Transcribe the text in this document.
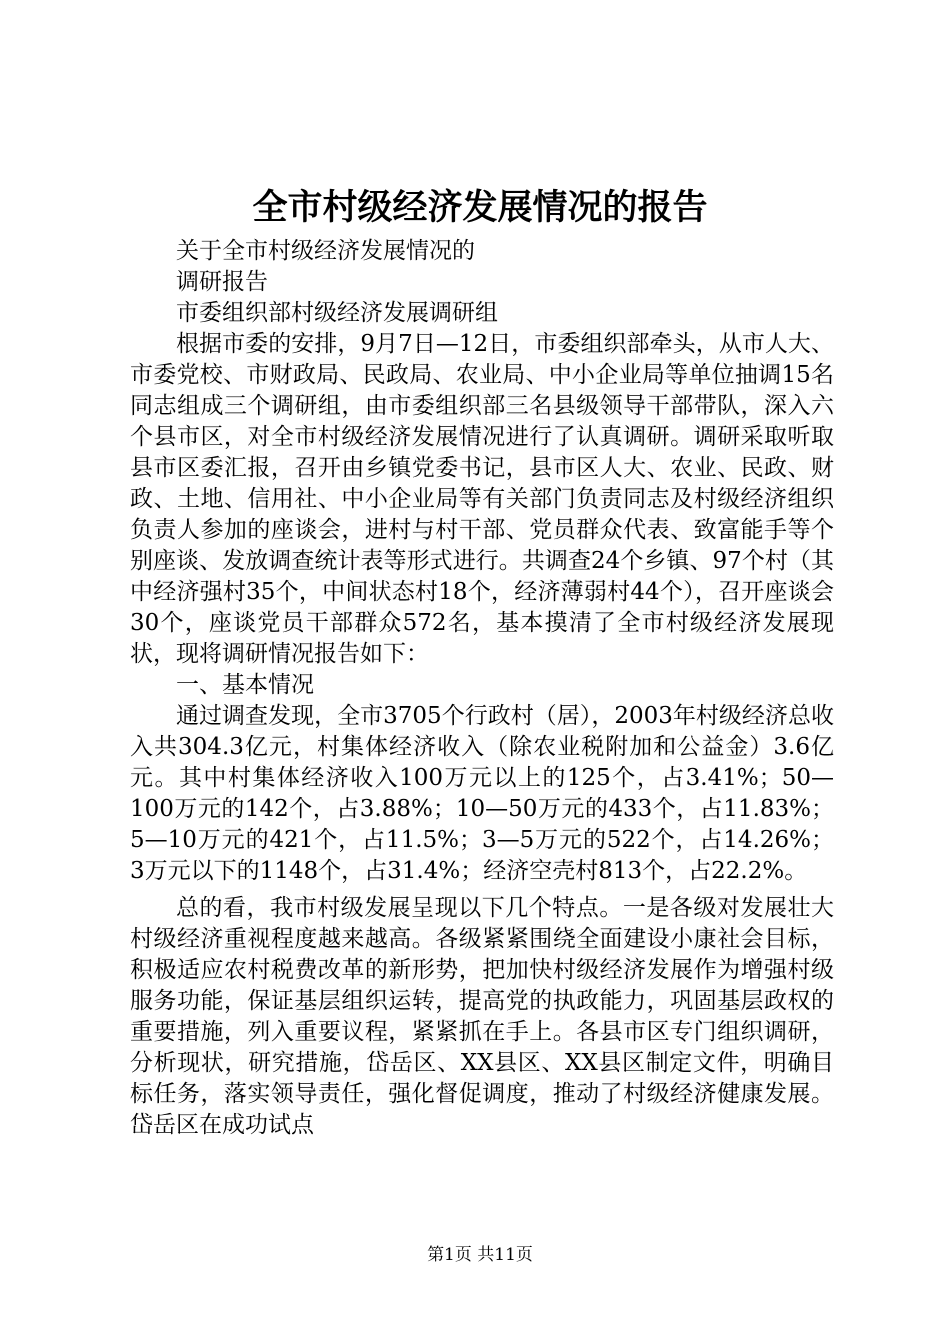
全市村级经济发展情况的报告

关于全市村级经济发展情况的

调研报告

市委组织部村级经济发展调研组

根据市委的安排，9月7日—12日，市委组织部牵头，从市人大、市委党校、市财政局、民政局、农业局、中小企业局等单位抽调15名同志组成三个调研组，由市委组织部三名县级领导干部带队，深入六个县市区，对全市村级经济发展情况进行了认真调研。调研采取听取县市区委汇报，召开由乡镇党委书记，县市区人大、农业、民政、财政、土地、信用社、中小企业局等有关部门负责同志及村级经济组织负责人参加的座谈会，进村与村干部、党员群众代表、致富能手等个别座谈、发放调查统计表等形式进行。共调查24个乡镇、97个村（其中经济强村35个，中间状态村18个，经济薄弱村44个），召开座谈会30个，座谈党员干部群众572名，基本摸清了全市村级经济发展现状，现将调研情况报告如下：

一、基本情况

通过调查发现，全市3705个行政村（居），2003年村级经济总收入共304.3亿元，村集体经济收入（除农业税附加和公益金）3.6亿元。其中村集体经济收入100万元以上的125个，占3.41%；50—100万元的142个，占3.88%；10—50万元的433个，占11.83%；5—10万元的421个，占11.5%；3—5万元的522个，占14.26%；3万元以下的1148个，占31.4%；经济空壳村813个，占22.2%。

总的看，我市村级发展呈现以下几个特点。一是各级对发展壮大村级经济重视程度越来越高。各级紧紧围绕全面建设小康社会目标，积极适应农村税费改革的新形势，把加快村级经济发展作为增强村级服务功能，保证基层组织运转，提高党的执政能力，巩固基层政权的重要措施，列入重要议程，紧紧抓在手上。各县市区专门组织调研，分析现状，研究措施，岱岳区、XX县区、XX县区制定文件，明确目标任务，落实领导责任，强化督促调度，推动了村级经济健康发展。岱岳区在成功试点

第1页 共11页
